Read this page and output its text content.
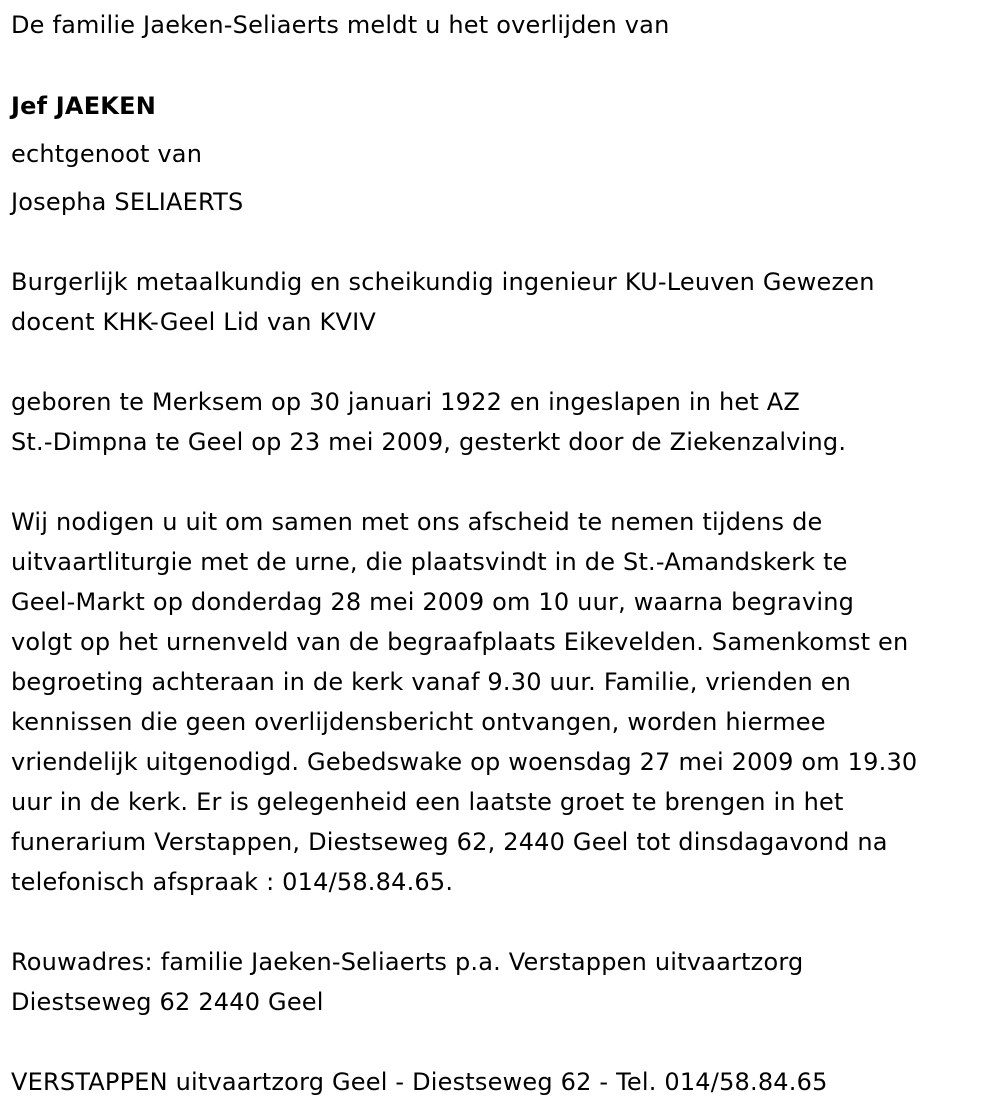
De familie Jaeken-Seliaerts meldt u het overlijden van
Jef JAEKEN
echtgenoot van
Josepha SELIAERTS
Burgerlijk metaalkundig en scheikundig ingenieur KU-Leuven Gewezen
docent KHK-Geel Lid van KVIV
geboren te Merksem op 30 januari 1922 en ingeslapen in het AZ
St.-Dimpna te Geel op 23 mei 2009, gesterkt door de Ziekenzalving.
Wij nodigen u uit om samen met ons afscheid te nemen tijdens de
uitvaartliturgie met de urne, die plaatsvindt in de St.-Amandskerk te
Geel-Markt op donderdag 28 mei 2009 om 10 uur, waarna begraving
volgt op het urnenveld van de begraafplaats Eikevelden. Samenkomst en
begroeting achteraan in de kerk vanaf 9.30 uur. Familie, vrienden en
kennissen die geen overlijdensbericht ontvangen, worden hiermee
vriendelijk uitgenodigd. Gebedswake op woensdag 27 mei 2009 om 19.30
uur in de kerk. Er is gelegenheid een laatste groet te brengen in het
funerarium Verstappen, Diestseweg 62, 2440 Geel tot dinsdagavond na
telefonisch afspraak : 014/58.84.65.
Rouwadres: familie Jaeken-Seliaerts p.a. Verstappen uitvaartzorg
Diestseweg 62 2440 Geel
VERSTAPPEN uitvaartzorg Geel - Diestseweg 62 - Tel. 014/58.84.65
